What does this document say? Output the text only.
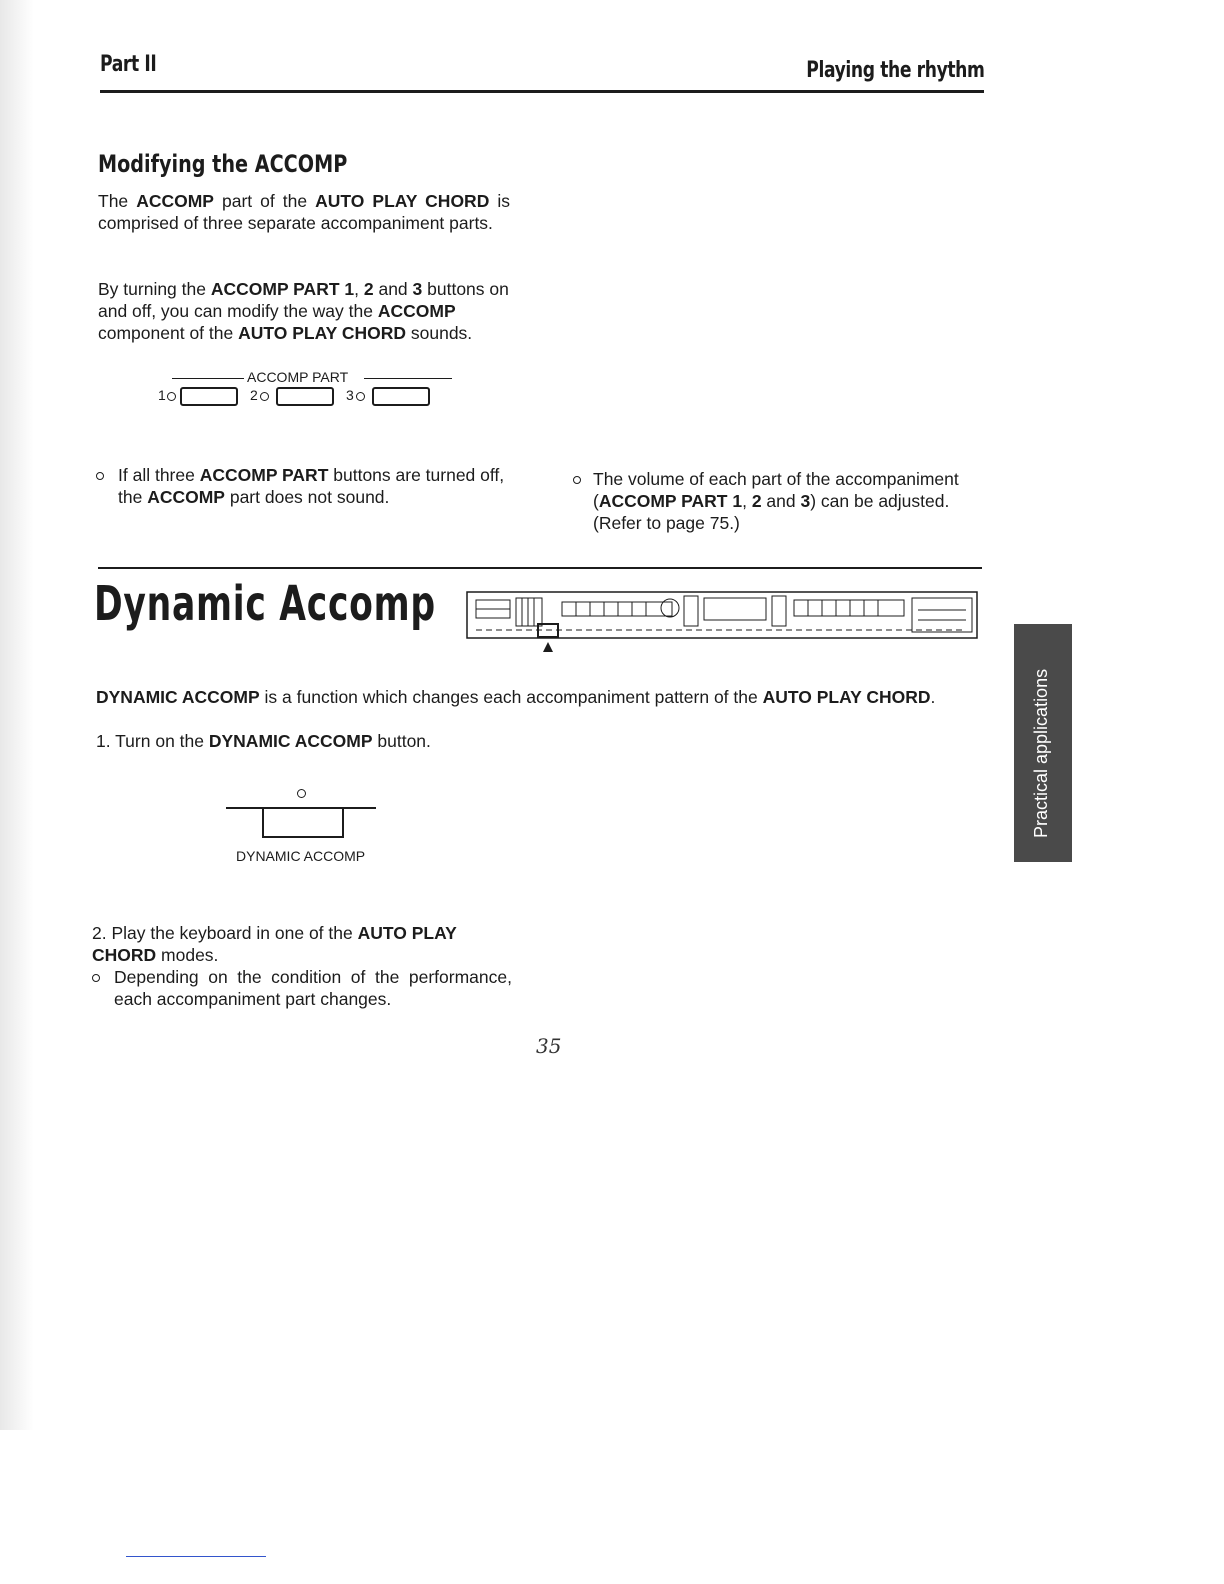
Part II	Playing the rhythm
Modifying the ACCOMP
The ACCOMP part of the AUTO PLAY CHORD is comprised of three separate accompaniment parts.
By turning the ACCOMP PART 1, 2 and 3 buttons on and off, you can modify the way the ACCOMP component of the AUTO PLAY CHORD sounds.
ACCOMP PART
1	2	3
If all three ACCOMP PART buttons are turned off, the ACCOMP part does not sound.
The volume of each part of the accompaniment (ACCOMP PART 1, 2 and 3) can be adjusted. (Refer to page 75.)
Dynamic Accomp
DYNAMIC ACCOMP is a function which changes each accompaniment pattern of the AUTO PLAY CHORD.
1. Turn on the DYNAMIC ACCOMP button.
DYNAMIC ACCOMP
2. Play the keyboard in one of the AUTO PLAY CHORD modes.
Depending on the condition of the performance, each accompaniment part changes.
35
Practical applications
